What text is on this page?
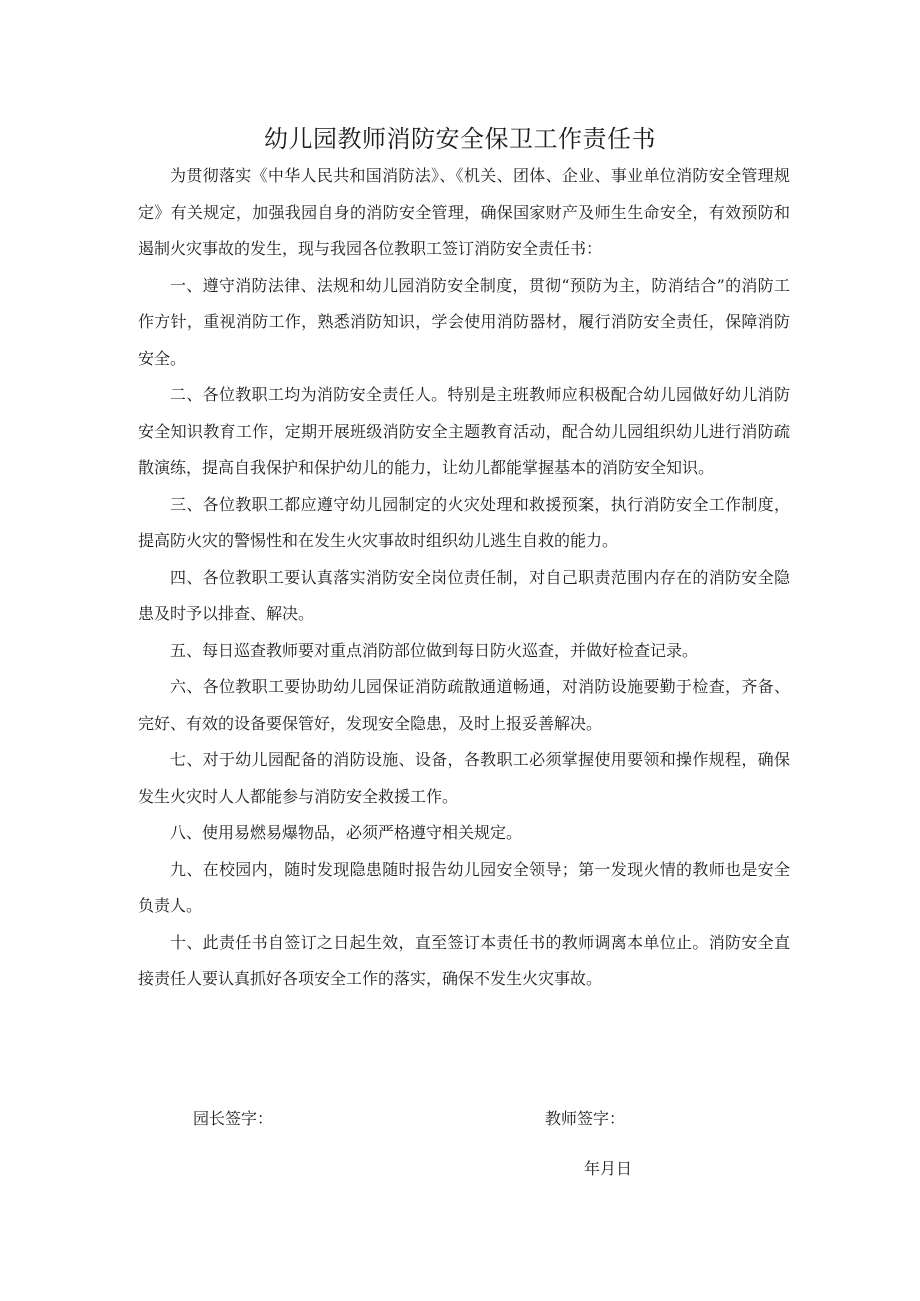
幼儿园教师消防安全保卫工作责任书

为贯彻落实《中华人民共和国消防法》、《机关、团体、企业、事业单位消防安全管理规定》有关规定，加强我园自身的消防安全管理，确保国家财产及师生生命安全，有效预防和遏制火灾事故的发生，现与我园各位教职工签订消防安全责任书：

一、遵守消防法律、法规和幼儿园消防安全制度，贯彻“预防为主，防消结合”的消防工作方针，重视消防工作，熟悉消防知识，学会使用消防器材，履行消防安全责任，保障消防安全。

二、各位教职工均为消防安全责任人。特别是主班教师应积极配合幼儿园做好幼儿消防安全知识教育工作，定期开展班级消防安全主题教育活动，配合幼儿园组织幼儿进行消防疏散演练，提高自我保护和保护幼儿的能力，让幼儿都能掌握基本的消防安全知识。

三、各位教职工都应遵守幼儿园制定的火灾处理和救援预案，执行消防安全工作制度，提高防火灾的警惕性和在发生火灾事故时组织幼儿逃生自救的能力。

四、各位教职工要认真落实消防安全岗位责任制，对自己职责范围内存在的消防安全隐患及时予以排查、解决。

五、每日巡查教师要对重点消防部位做到每日防火巡查，并做好检查记录。

六、各位教职工要协助幼儿园保证消防疏散通道畅通，对消防设施要勤于检查，齐备、完好、有效的设备要保管好，发现安全隐患，及时上报妥善解决。

七、对于幼儿园配备的消防设施、设备，各教职工必须掌握使用要领和操作规程，确保发生火灾时人人都能参与消防安全救援工作。

八、使用易燃易爆物品，必须严格遵守相关规定。

九、在校园内，随时发现隐患随时报告幼儿园安全领导；第一发现火情的教师也是安全负责人。

十、此责任书自签订之日起生效，直至签订本责任书的教师调离本单位止。消防安全直接责任人要认真抓好各项安全工作的落实，确保不发生火灾事故。

园长签字：	教师签字：
年月日
